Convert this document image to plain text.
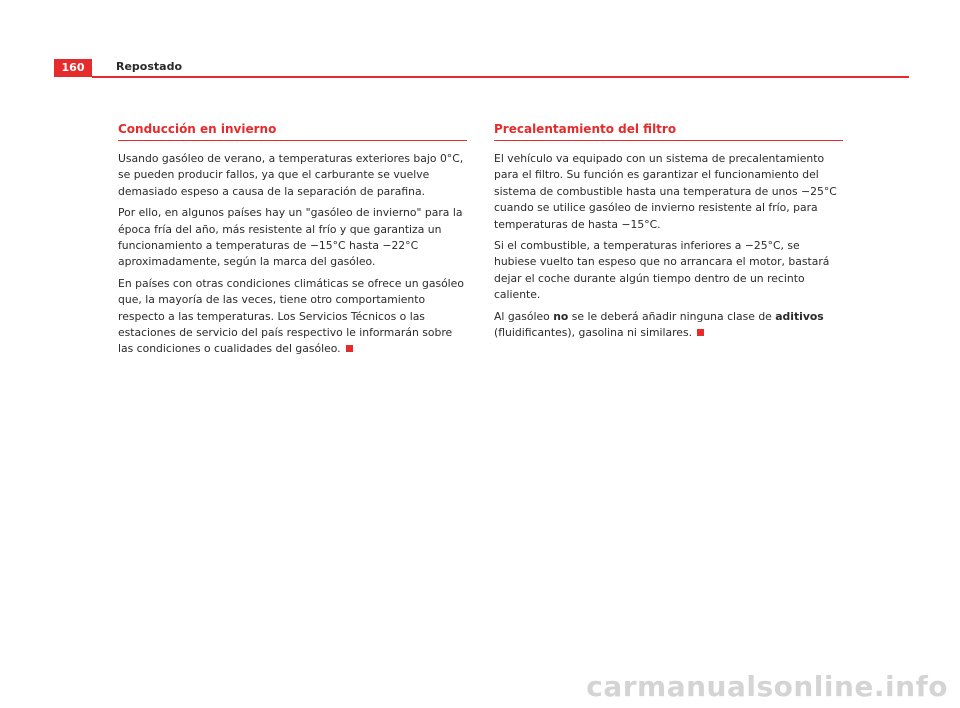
160	Repostado
Conducción en invierno

Usando gasóleo de verano, a temperaturas exteriores bajo 0°C, se pueden producir fallos, ya que el carburante se vuelve demasiado espeso a causa de la separación de parafina.

Por ello, en algunos países hay un "gasóleo de invierno" para la época fría del año, más resistente al frío y que garantiza un funcionamiento a temperaturas de −15°C hasta −22°C aproximadamente, según la marca del gasóleo.

En países con otras condiciones climáticas se ofrece un gasóleo que, la mayoría de las veces, tiene otro comportamiento respecto a las temperaturas. Los Servicios Técnicos o las estaciones de servicio del país respectivo le informarán sobre las condiciones o cualidades del gasóleo.

Precalentamiento del filtro

El vehículo va equipado con un sistema de precalentamiento para el filtro. Su función es garantizar el funcionamiento del sistema de combustible hasta una temperatura de unos −25°C cuando se utilice gasóleo de invierno resistente al frío, para temperaturas de hasta −15°C.

Si el combustible, a temperaturas inferiores a −25°C, se hubiese vuelto tan espeso que no arrancara el motor, bastará dejar el coche durante algún tiempo dentro de un recinto caliente.

Al gasóleo no se le deberá añadir ninguna clase de aditivos (fluidificantes), gasolina ni similares.

carmanualsonline.info
